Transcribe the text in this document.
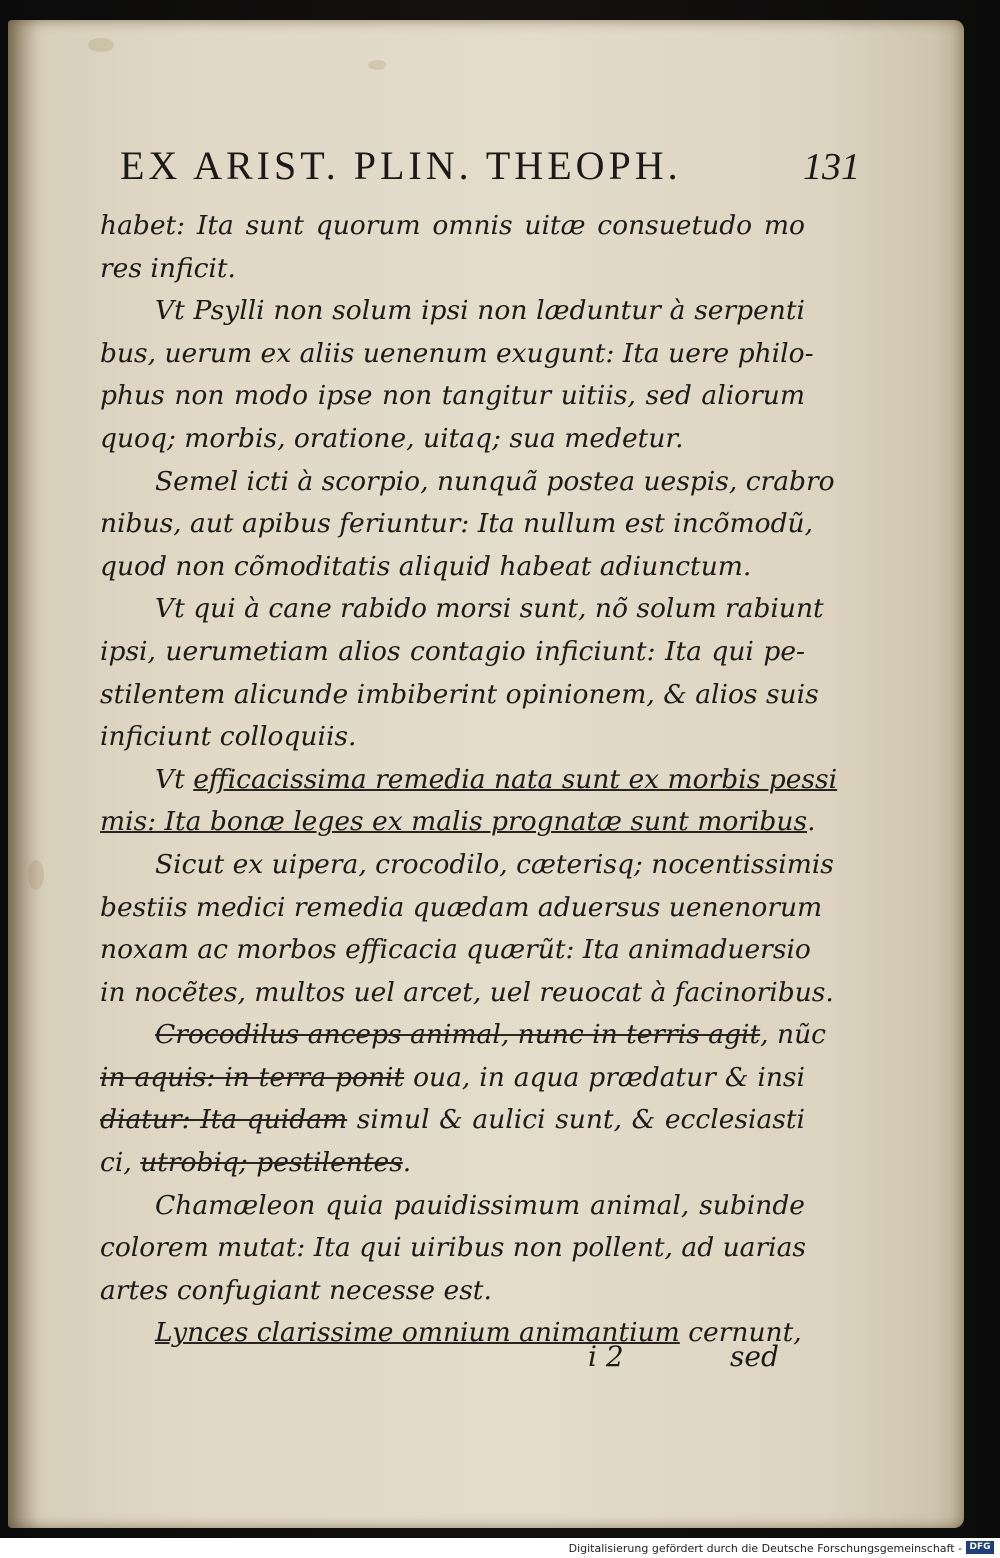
EX ARIST. PLIN. THEOPH.	131
habet: Ita sunt quorum omnis uitæ consuetudo mo
res inficit.
Vt Psylli non solum ipsi non læduntur à serpenti
bus, uerum ex aliis uenenum exugunt: Ita uere philo-
phus non modo ipse non tangitur uitiis, sed aliorum
quoq; morbis, oratione, uitaq; sua medetur.
Semel icti à scorpio, nunquã postea uespis, crabro
nibus, aut apibus feriuntur: Ita nullum est incõmodũ,
quod non cõmoditatis aliquid habeat adiunctum.
Vt qui à cane rabido morsi sunt, nõ solum rabiunt
ipsi, uerumetiam alios contagio inficiunt: Ita qui pe-
stilentem alicunde imbiberint opinionem, & alios suis
inficiunt colloquiis.
Vt efficacissima remedia nata sunt ex morbis pessi
mis: Ita bonæ leges ex malis prognatæ sunt moribus.
Sicut ex uipera, crocodilo, cæterisq; nocentissimis
bestiis medici remedia quædam aduersus uenenorum
noxam ac morbos efficacia quærũt: Ita animaduersio
in nocẽtes, multos uel arcet, uel reuocat à facinoribus.
Crocodilus anceps animal, nunc in terris agit, nũc
in aquis: in terra ponit oua, in aqua prædatur & insi
diatur: Ita quidam simul & aulici sunt, & ecclesiasti
ci, utrobiq; pestilentes.
Chamæleon quia pauidissimum animal, subinde
colorem mutat: Ita qui uiribus non pollent, ad uarias
artes confugiant necesse est.
Lynces clarissime omnium animantium cernunt,
i 2	sed
Digitalisierung gefördert durch die Deutsche Forschungsgemeinschaft - DFG
